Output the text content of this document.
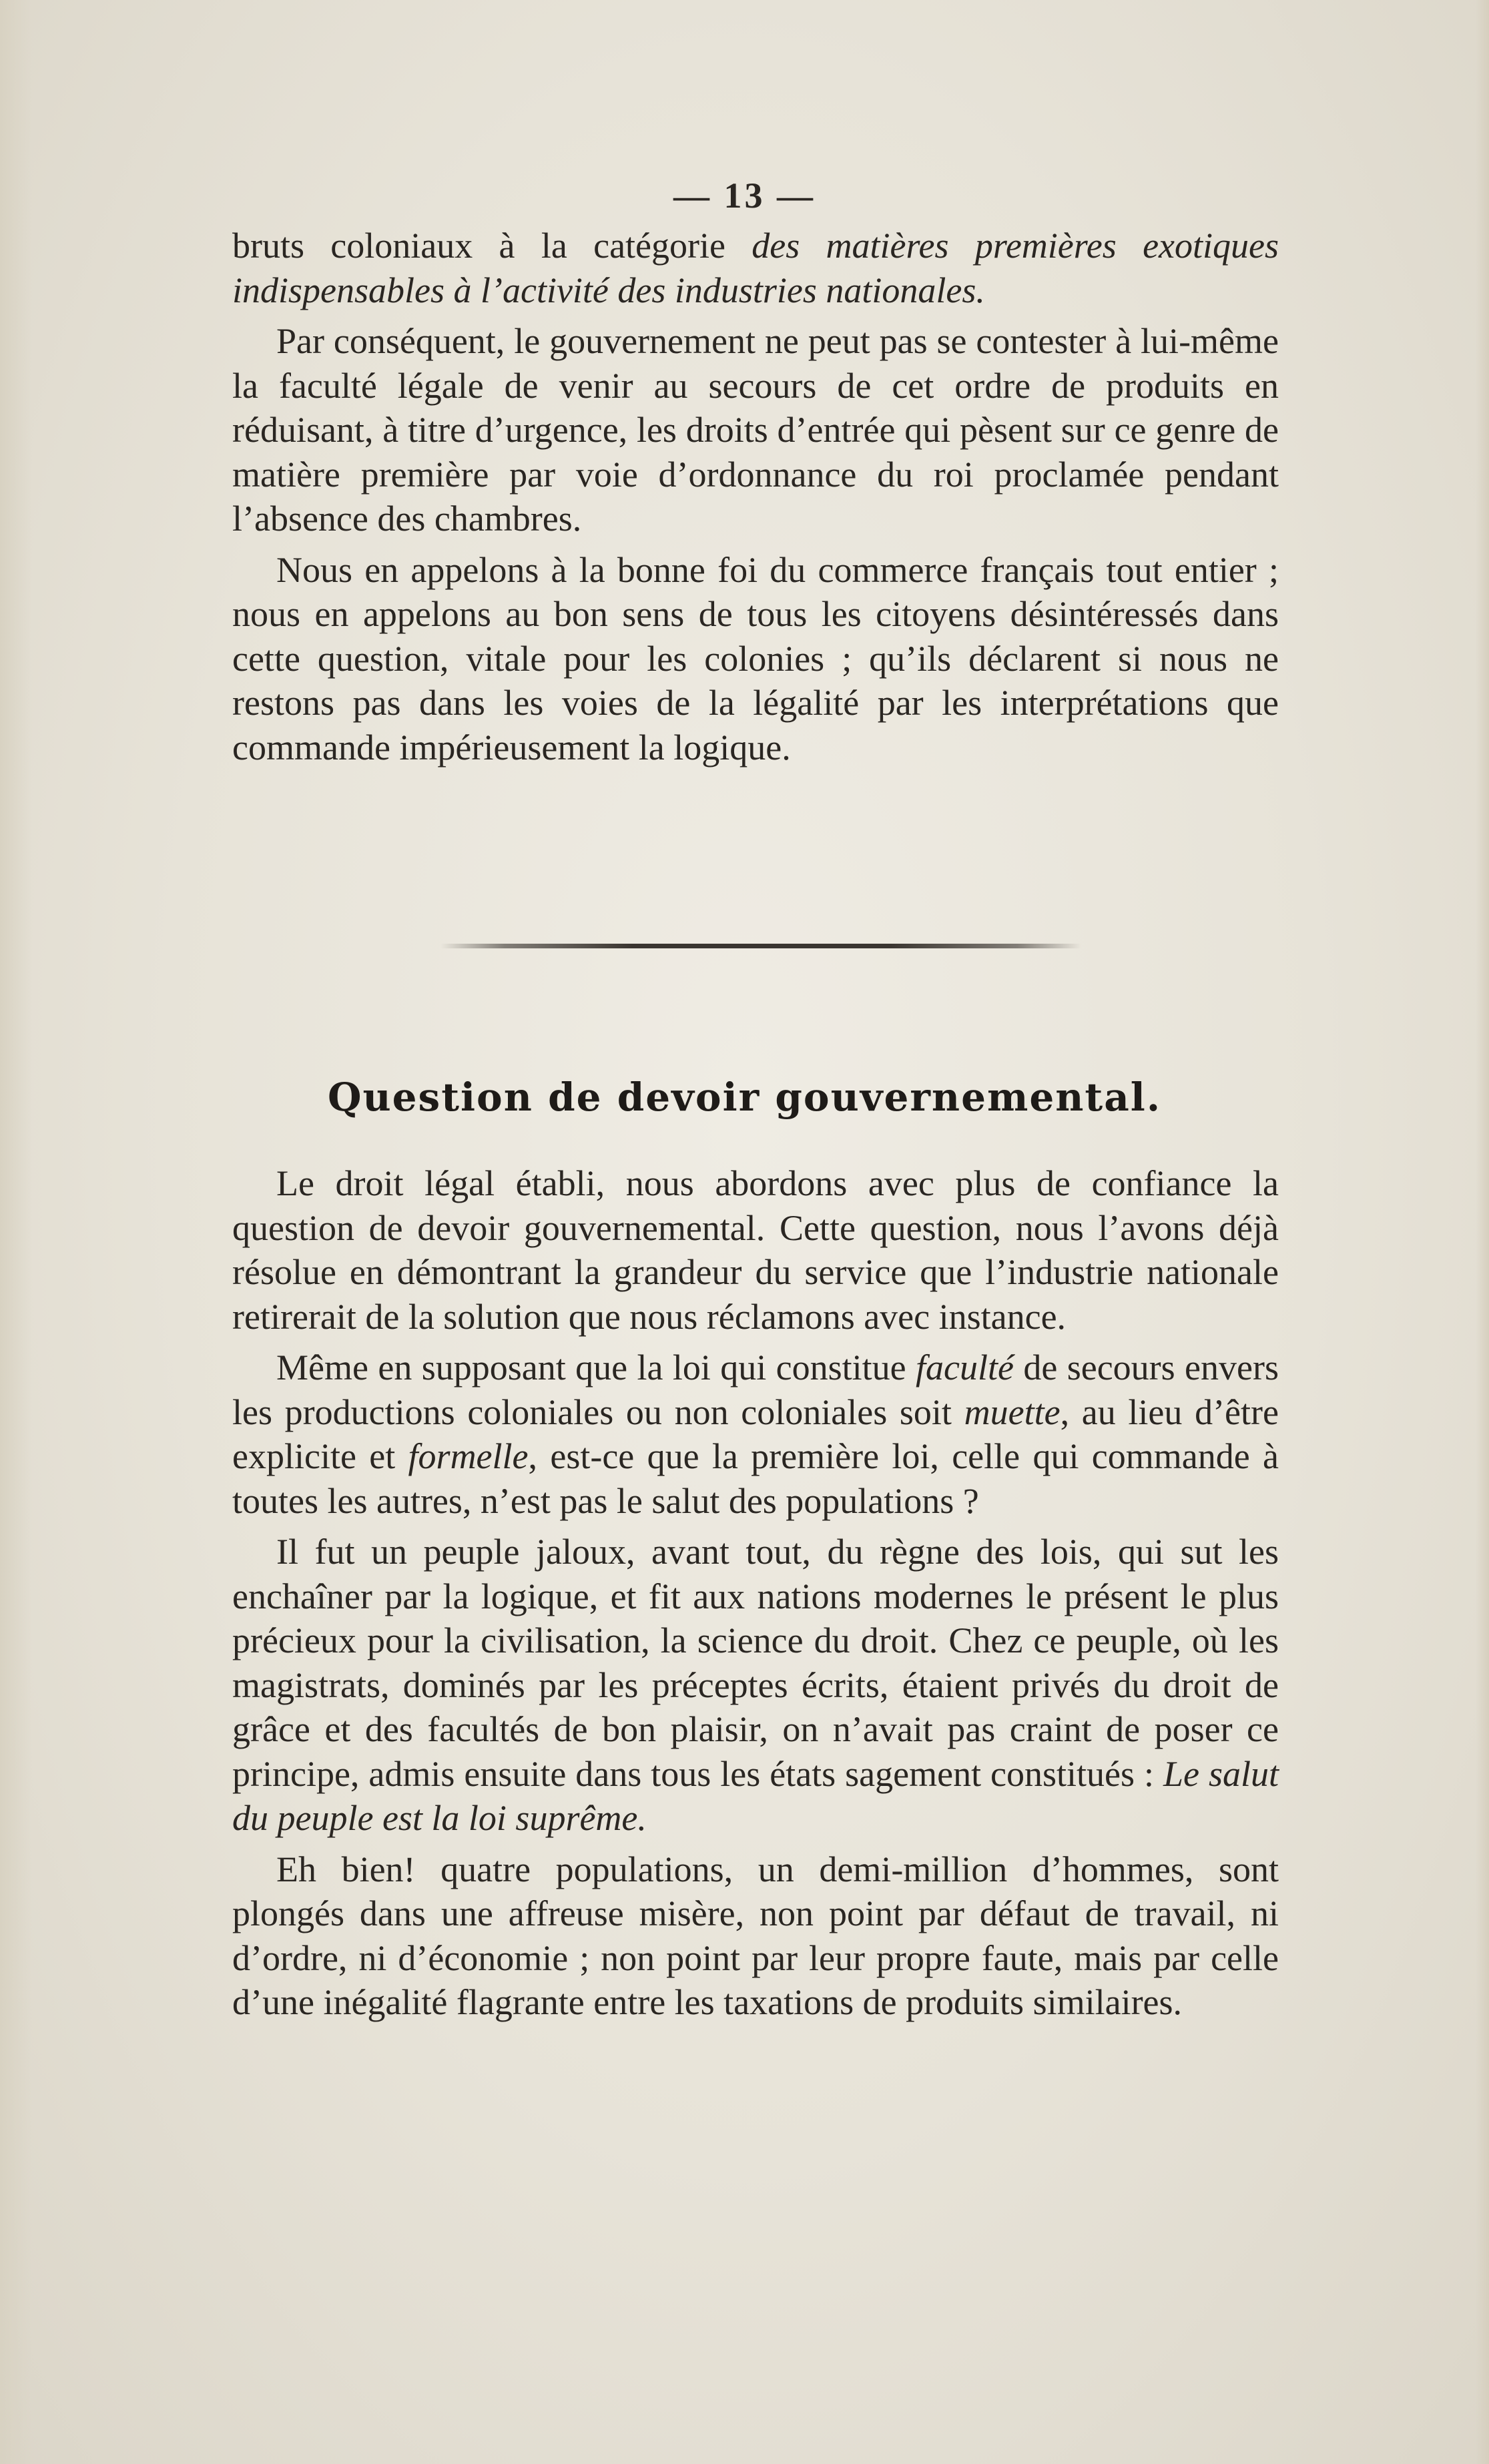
— 13 —

bruts coloniaux à la catégorie des matières premières exotiques indispensables à l’activité des industries nationales.

Par conséquent, le gouvernement ne peut pas se contester à lui-même la faculté légale de venir au secours de cet ordre de produits en réduisant, à titre d’urgence, les droits d’entrée qui pèsent sur ce genre de matière première par voie d’ordonnance du roi proclamée pendant l’absence des chambres.

Nous en appelons à la bonne foi du commerce français tout entier ; nous en appelons au bon sens de tous les citoyens désintéressés dans cette question, vitale pour les colonies ; qu’ils déclarent si nous ne restons pas dans les voies de la légalité par les interprétations que commande impérieusement la logique.

Question de devoir gouvernemental.

Le droit légal établi, nous abordons avec plus de confiance la question de devoir gouvernemental. Cette question, nous l’avons déjà résolue en démontrant la grandeur du service que l’industrie nationale retirerait de la solution que nous réclamons avec instance.

Même en supposant que la loi qui constitue faculté de secours envers les productions coloniales ou non coloniales soit muette, au lieu d’être explicite et formelle, est-ce que la première loi, celle qui commande à toutes les autres, n’est pas le salut des populations ?

Il fut un peuple jaloux, avant tout, du règne des lois, qui sut les enchaîner par la logique, et fit aux nations modernes le présent le plus précieux pour la civilisation, la science du droit. Chez ce peuple, où les magistrats, dominés par les préceptes écrits, étaient privés du droit de grâce et des facultés de bon plaisir, on n’avait pas craint de poser ce principe, admis ensuite dans tous les états sagement constitués : Le salut du peuple est la loi suprême.

Eh bien! quatre populations, un demi-million d’hommes, sont plongés dans une affreuse misère, non point par défaut de travail, ni d’ordre, ni d’économie ; non point par leur propre faute, mais par celle d’une inégalité flagrante entre les taxations de produits similaires.
